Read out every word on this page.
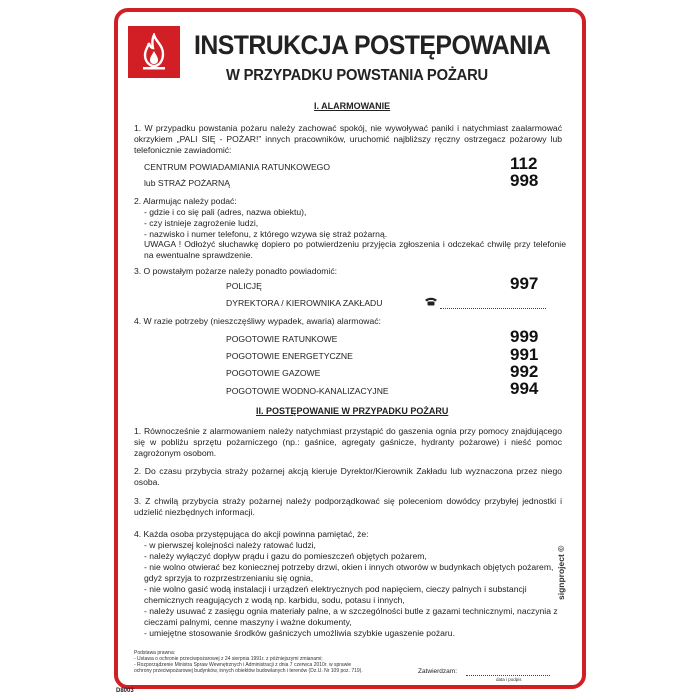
INSTRUKCJA POSTĘPOWANIA
W PRZYPADKU POWSTANIA POŻARU
I. ALARMOWANIE
1. W przypadku powstania pożaru należy zachować spokój, nie wywoływać paniki i natychmiast zaalarmować okrzykiem „PALI SIĘ - POŻAR!” innych pracowników, uruchomić najbliższy ręczny ostrzegacz pożarowy lub telefonicznie zawiadomić:
CENTRUM POWIADAMIANIA RATUNKOWEGO	112
lub STRAŻ POŻARNĄ	998
2. Alarmując należy podać:
- gdzie i co się pali (adres, nazwa obiektu),
- czy istnieje zagrożenie ludzi,
- nazwisko i numer telefonu, z którego wzywa się straż pożarną.
UWAGA ! Odłożyć słuchawkę dopiero po potwierdzeniu przyjęcia zgłoszenia i odczekać chwilę przy telefonie na ewentualne sprawdzenie.
3. O powstałym pożarze należy ponadto powiadomić:
POLICJĘ	997
DYREKTORA / KIEROWNIKA ZAKŁADU
4. W razie potrzeby (nieszczęśliwy wypadek, awaria) alarmować:
POGOTOWIE RATUNKOWE	999
POGOTOWIE ENERGETYCZNE	991
POGOTOWIE GAZOWE	992
POGOTOWIE WODNO-KANALIZACYJNE	994
II. POSTĘPOWANIE W PRZYPADKU POŻARU
1. Równocześnie z alarmowaniem należy natychmiast przystąpić do gaszenia ognia przy pomocy znajdującego się w pobliżu sprzętu pożarniczego (np.: gaśnice, agregaty gaśnicze, hydranty pożarowe) i nieść pomoc zagrożonym osobom.
2. Do czasu przybycia straży pożarnej akcją kieruje Dyrektor/Kierownik Zakładu lub wyznaczona przez niego osoba.
3. Z chwilą przybycia straży pożarnej należy podporządkować się poleceniom dowódcy przybyłej jednostki i udzielić niezbędnych informacji.
4. Każda osoba przystępująca do akcji powinna pamiętać, że:
- w pierwszej kolejności należy ratować ludzi,
- należy wyłączyć dopływ prądu i gazu do pomieszczeń objętych pożarem,
- nie wolno otwierać bez koniecznej potrzeby drzwi, okien i innych otworów w budynkach objętych pożarem, gdyż sprzyja to rozprzestrzenianiu się ognia,
- nie wolno gasić wodą instalacji i urządzeń elektrycznych pod napięciem, cieczy palnych i substancji chemicznych reagujących z wodą np. karbidu, sodu, potasu i innych,
- należy usuwać z zasięgu ognia materiały palne, a w szczególności butle z gazami technicznymi, naczynia z cieczami palnymi, cenne maszyny i ważne dokumenty,
- umiejętne stosowanie środków gaśniczych umożliwia szybkie ugaszenie pożaru.
Podstawa prawna:
- Ustawa o ochronie przeciwpożarowej z 24 sierpnia 1991r. z późniejszymi zmianami;
- Rozporządzenie Ministra Spraw Wewnętrznych i Administracji z dnia 7 czerwca 2010r. w sprawie
ochrony przeciwpożarowej budynków, innych obiektów budowlanych i terenów (Dz.U. Nr 109 poz. 719).	Zatwierdzam:
data i podpis
signproject ©
D8003
